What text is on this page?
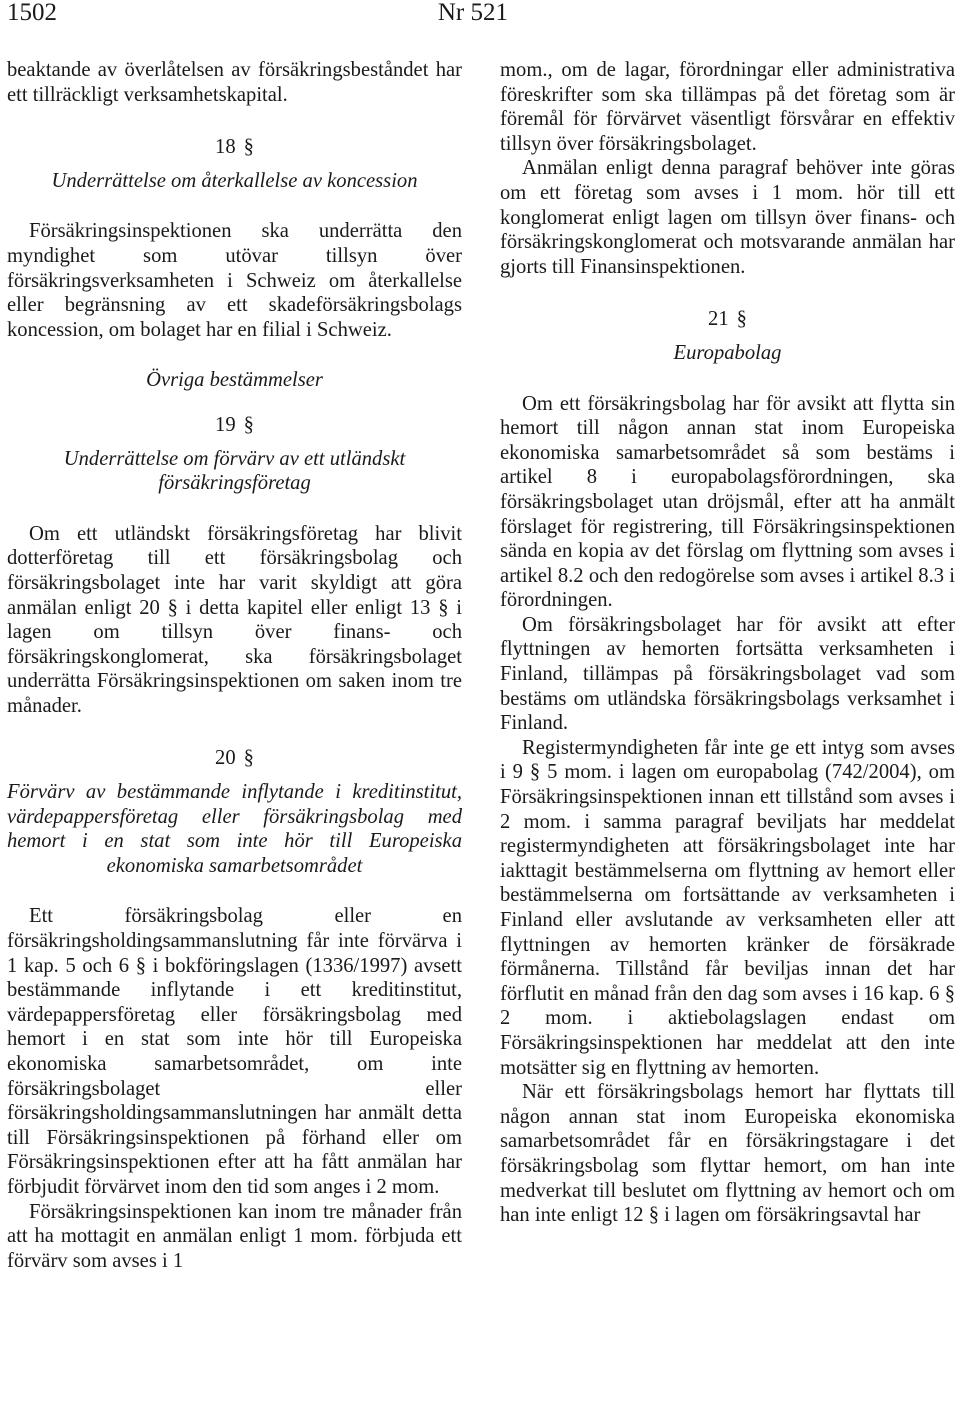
1502	Nr 521

beaktande av överlåtelsen av försäkringsbeståndet har ett tillräckligt verksamhetskapital.

18 §
Underrättelse om återkallelse av koncession

Försäkringsinspektionen ska underrätta den myndighet som utövar tillsyn över försäkringsverksamheten i Schweiz om återkallelse eller begränsning av ett skadeförsäkringsbolags koncession, om bolaget har en filial i Schweiz.

Övriga bestämmelser
19 §
Underrättelse om förvärv av ett utländskt försäkringsföretag

Om ett utländskt försäkringsföretag har blivit dotterföretag till ett försäkringsbolag och försäkringsbolaget inte har varit skyldigt att göra anmälan enligt 20 § i detta kapitel eller enligt 13 § i lagen om tillsyn över finans- och försäkringskonglomerat, ska försäkringsbolaget underrätta Försäkringsinspektionen om saken inom tre månader.

20 §
Förvärv av bestämmande inflytande i kreditinstitut, värdepappersföretag eller försäkringsbolag med hemort i en stat som inte hör till Europeiska ekonomiska samarbetsområdet

Ett försäkringsbolag eller en försäkringsholdingsammanslutning får inte förvärva i 1 kap. 5 och 6 § i bokföringslagen (1336/1997) avsett bestämmande inflytande i ett kreditinstitut, värdepappersföretag eller försäkringsbolag med hemort i en stat som inte hör till Europeiska ekonomiska samarbetsområdet, om inte försäkringsbolaget eller försäkringsholdingsammanslutningen har anmält detta till Försäkringsinspektionen på förhand eller om Försäkringsinspektionen efter att ha fått anmälan har förbjudit förvärvet inom den tid som anges i 2 mom.

Försäkringsinspektionen kan inom tre månader från att ha mottagit en anmälan enligt 1 mom. förbjuda ett förvärv som avses i 1

mom., om de lagar, förordningar eller administrativa föreskrifter som ska tillämpas på det företag som är föremål för förvärvet väsentligt försvårar en effektiv tillsyn över försäkringsbolaget.

Anmälan enligt denna paragraf behöver inte göras om ett företag som avses i 1 mom. hör till ett konglomerat enligt lagen om tillsyn över finans- och försäkringskonglomerat och motsvarande anmälan har gjorts till Finansinspektionen.

21 §
Europabolag

Om ett försäkringsbolag har för avsikt att flytta sin hemort till någon annan stat inom Europeiska ekonomiska samarbetsområdet så som bestäms i artikel 8 i europabolagsförordningen, ska försäkringsbolaget utan dröjsmål, efter att ha anmält förslaget för registrering, till Försäkringsinspektionen sända en kopia av det förslag om flyttning som avses i artikel 8.2 och den redogörelse som avses i artikel 8.3 i förordningen.

Om försäkringsbolaget har för avsikt att efter flyttningen av hemorten fortsätta verksamheten i Finland, tillämpas på försäkringsbolaget vad som bestäms om utländska försäkringsbolags verksamhet i Finland.

Registermyndigheten får inte ge ett intyg som avses i 9 § 5 mom. i lagen om europabolag (742/2004), om Försäkringsinspektionen innan ett tillstånd som avses i 2 mom. i samma paragraf beviljats har meddelat registermyndigheten att försäkringsbolaget inte har iakttagit bestämmelserna om flyttning av hemort eller bestämmelserna om fortsättande av verksamheten i Finland eller avslutande av verksamheten eller att flyttningen av hemorten kränker de försäkrade förmånerna. Tillstånd får beviljas innan det har förflutit en månad från den dag som avses i 16 kap. 6 § 2 mom. i aktiebolagslagen endast om Försäkringsinspektionen har meddelat att den inte motsätter sig en flyttning av hemorten.

När ett försäkringsbolags hemort har flyttats till någon annan stat inom Europeiska ekonomiska samarbetsområdet får en försäkringstagare i det försäkringsbolag som flyttar hemort, om han inte medverkat till beslutet om flyttning av hemort och om han inte enligt 12 § i lagen om försäkringsavtal har
